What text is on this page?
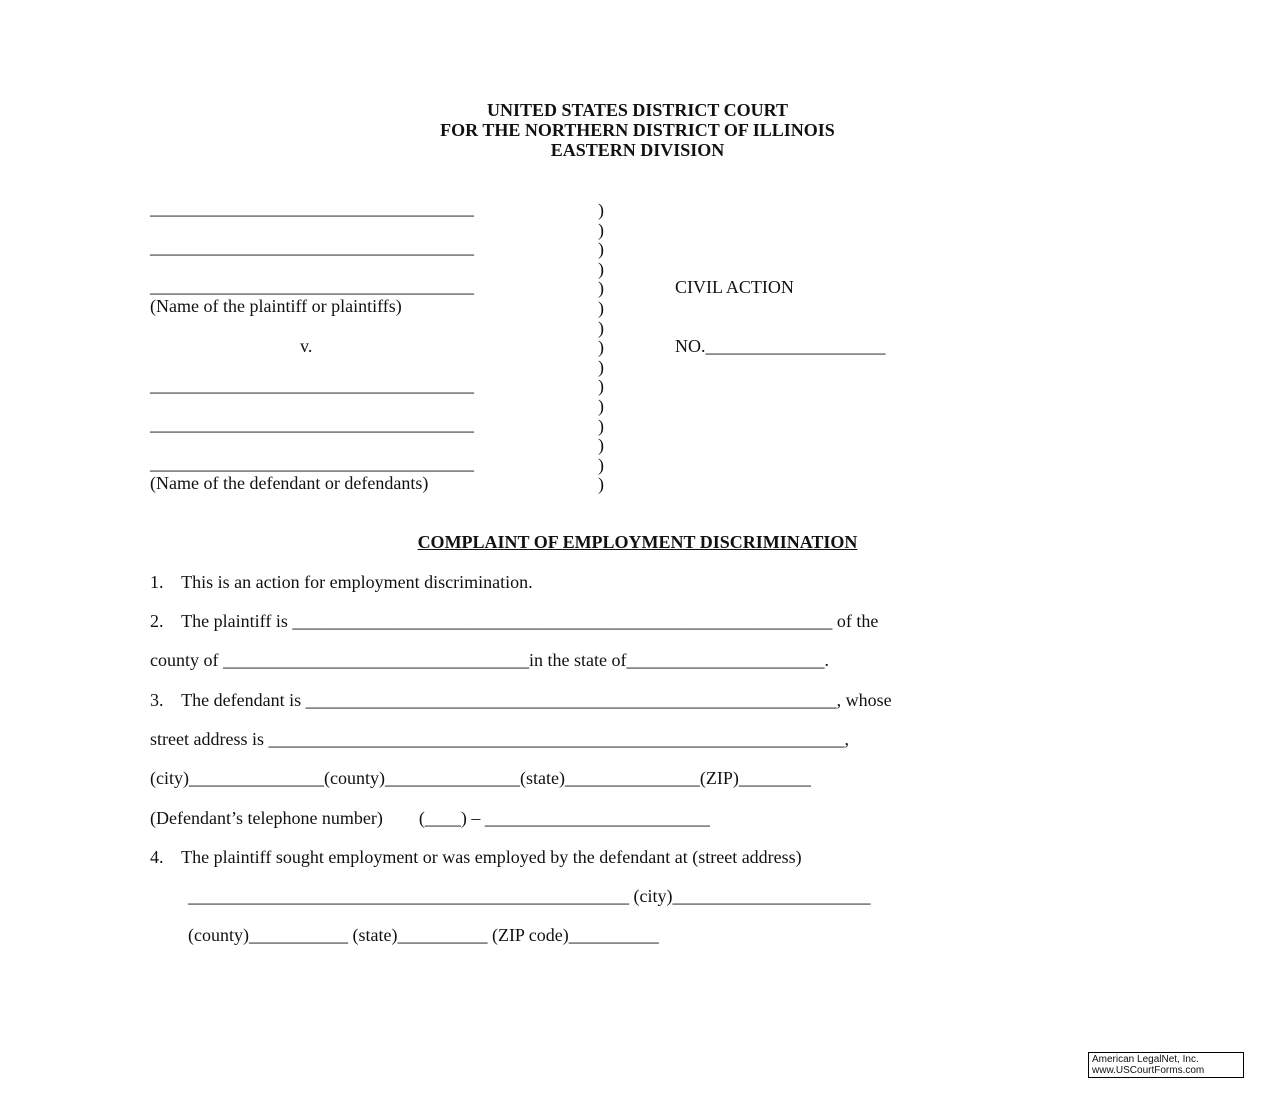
UNITED STATES DISTRICT COURT
FOR THE NORTHERN DISTRICT OF ILLINOIS
EASTERN DIVISION
____________________________________
____________________________________
____________________________________
(Name of the plaintiff or plaintiffs)
v.
____________________________________
____________________________________
____________________________________
(Name of the defendant or defendants)
)
)
)
)
)
)
)
)
)
)
)
)
)
)
)
CIVIL ACTION
NO.____________________
COMPLAINT OF EMPLOYMENT DISCRIMINATION
1.    This is an action for employment discrimination.
2.    The plaintiff is ____________________________________________________________ of the
county of __________________________________in the state of______________________.
3.    The defendant is ___________________________________________________________, whose
street address is ________________________________________________________________,
(city)_______________(county)_______________(state)_______________(ZIP)________
(Defendant’s telephone number)        (____) – _________________________
4.    The plaintiff sought employment or was employed by the defendant at (street address)
_________________________________________________ (city)______________________
(county)___________ (state)__________ (ZIP code)__________
American LegalNet, Inc.
www.USCourtForms.com
